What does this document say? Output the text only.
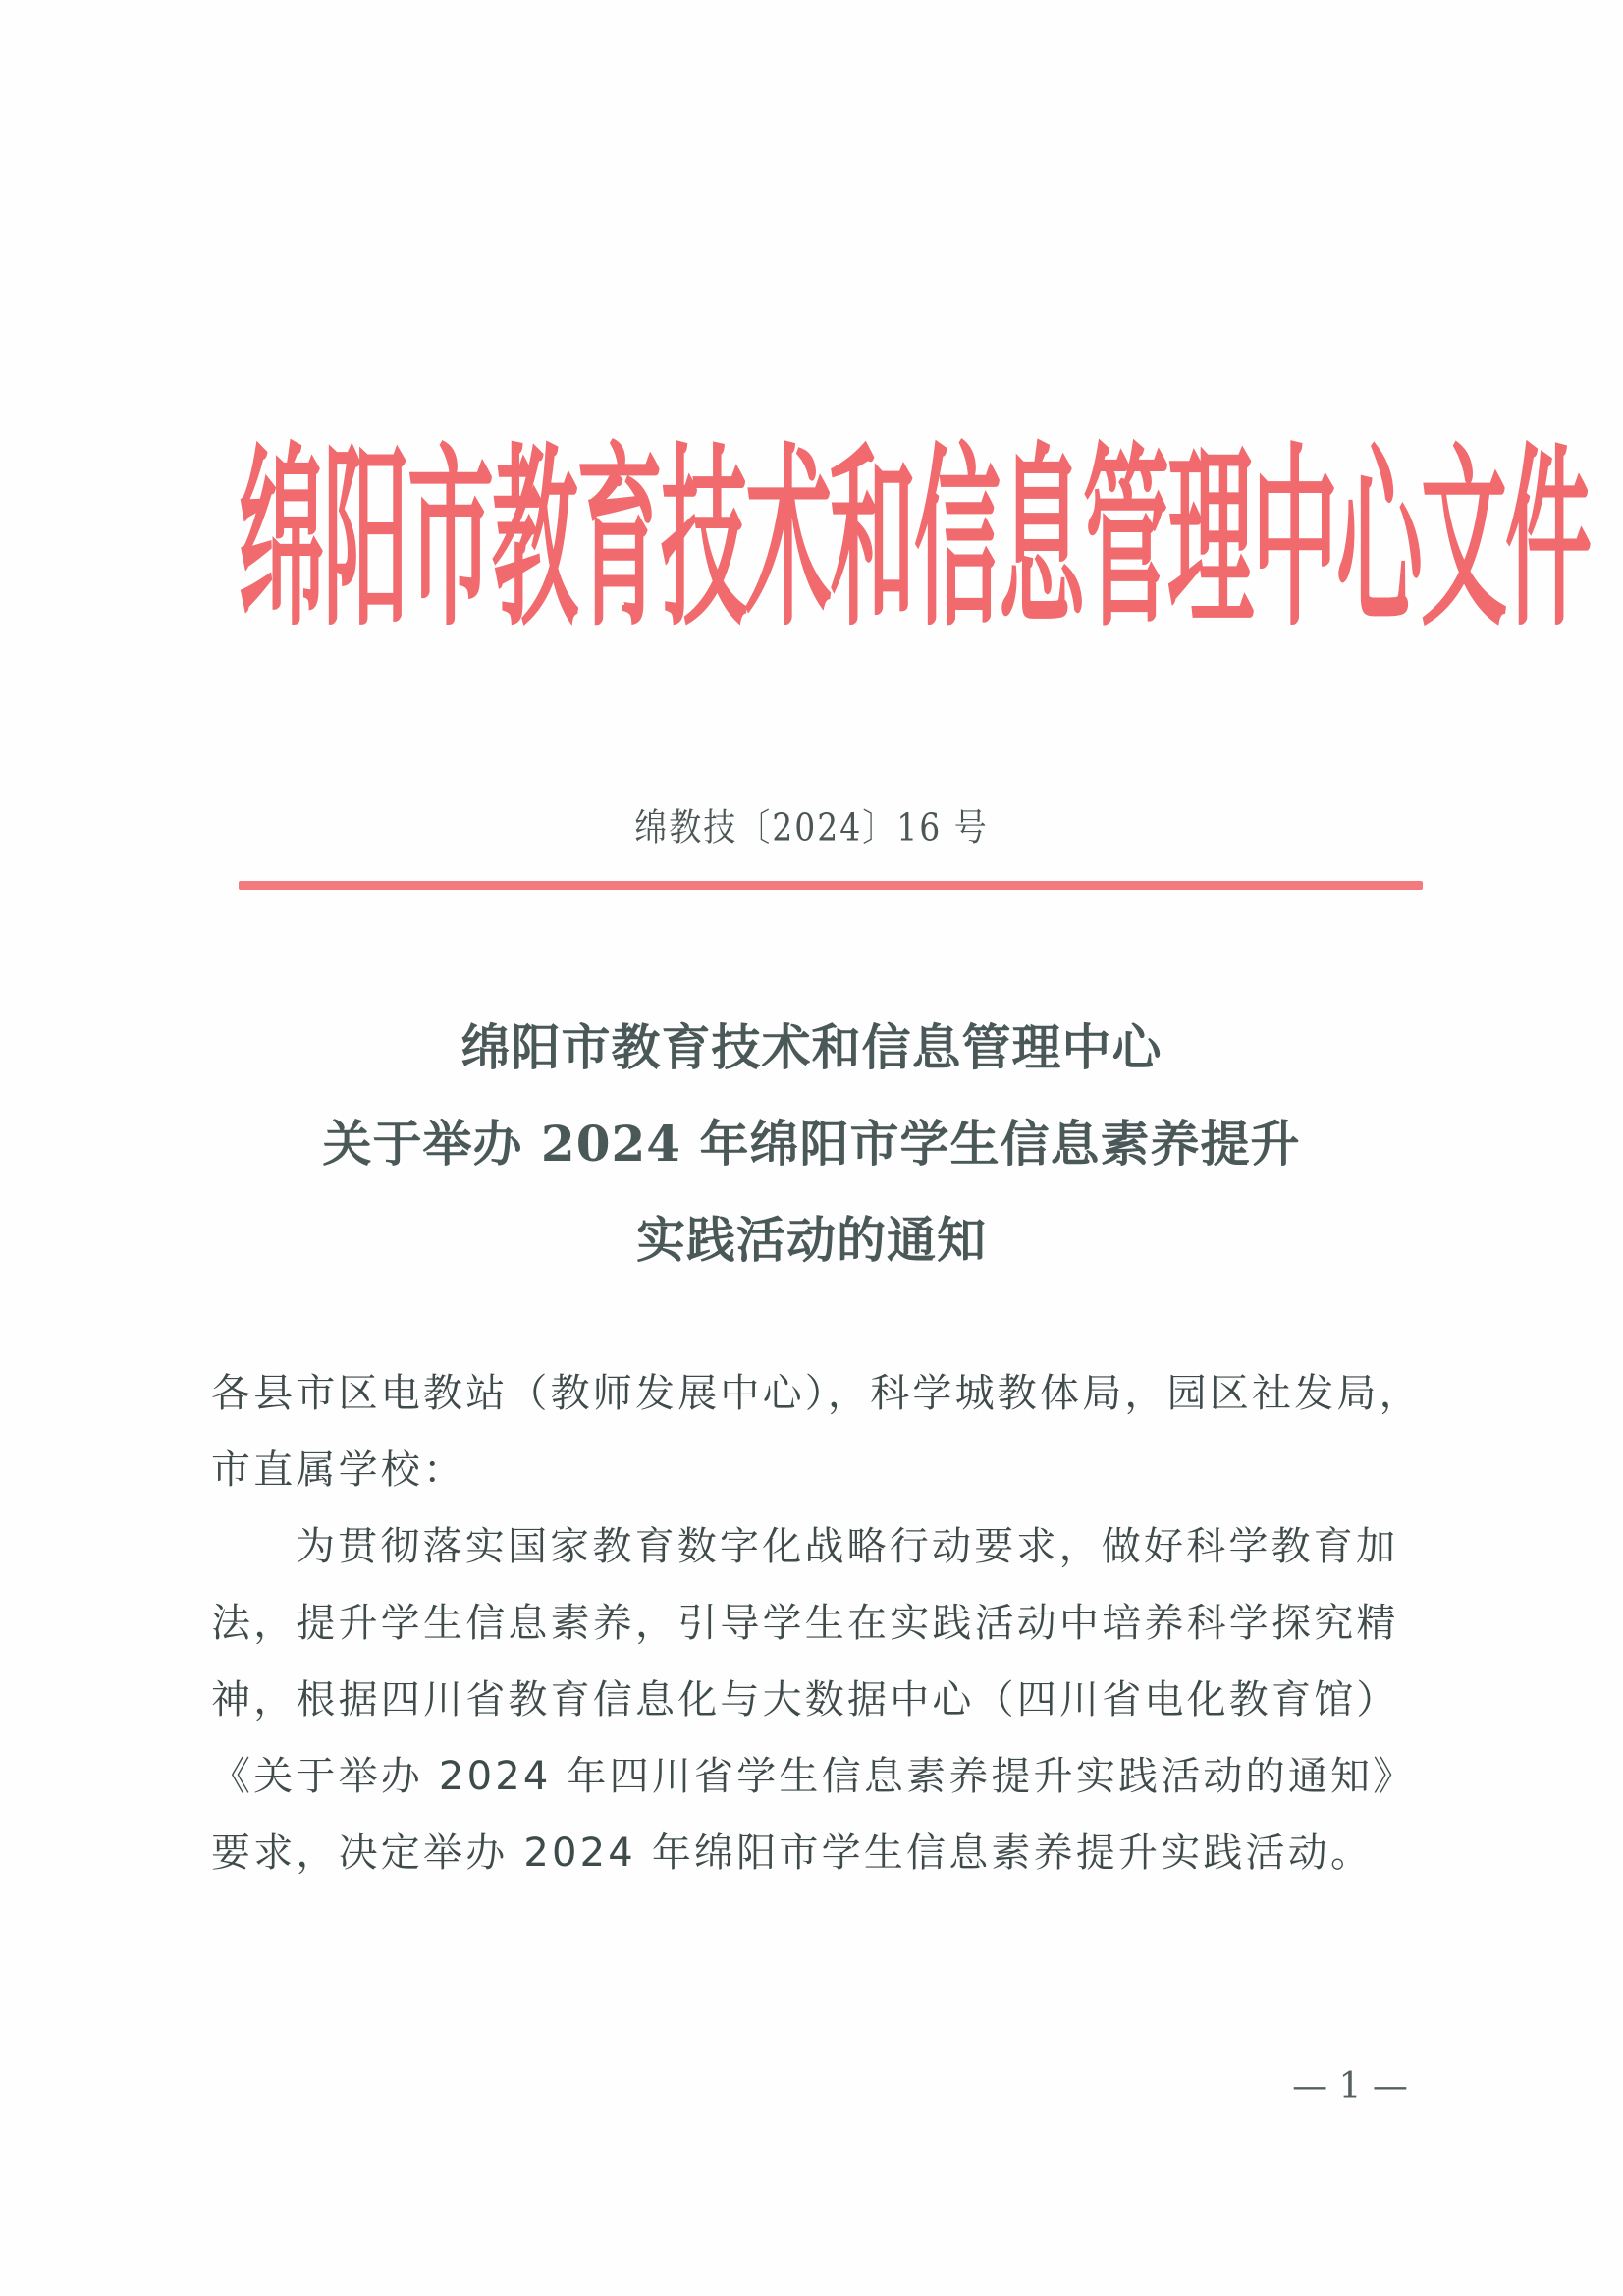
绵
阳
市
教
育
技
术
和
信
息
管
理
中
心
文
件
绵教技〔2024〕16 号
绵阳市教育技术和信息管理中心
关于举办 2024 年绵阳市学生信息素养提升
实践活动的通知
各县市区电教站（教师发展中心），科学城教体局，园区社发局，
市直属学校：
为贯彻落实国家教育数字化战略行动要求，做好科学教育加
法，提升学生信息素养，引导学生在实践活动中培养科学探究精
神，根据四川省教育信息化与大数据中心（四川省电化教育馆）
《关于举办 2024 年四川省学生信息素养提升实践活动的通知》
要求，决定举办 2024 年绵阳市学生信息素养提升实践活动。
— 1 —
